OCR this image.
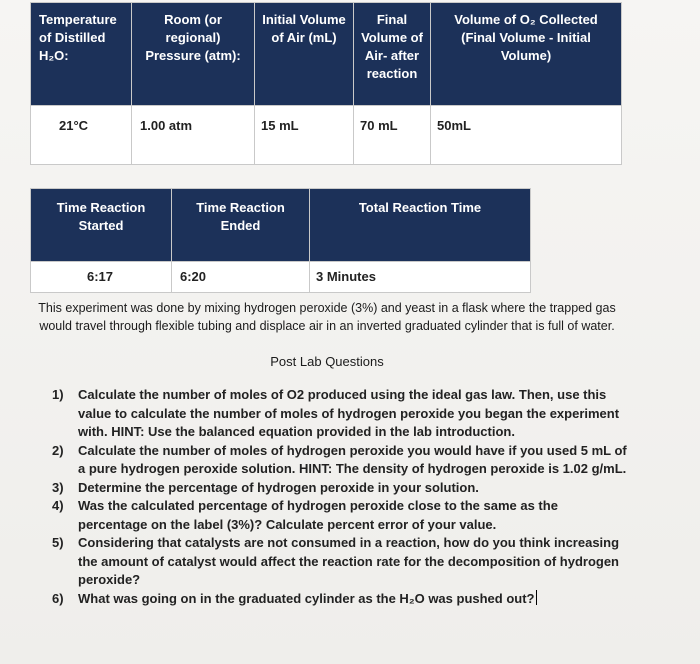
Temperature of Distilled H₂O:	Room (or regional) Pressure (atm):	Initial Volume of Air (mL)	Final Volume of Air- after reaction	Volume of O₂ Collected (Final Volume - Initial Volume)

21°C	1.00 atm	15 mL	70 mL	50mL
Time Reaction Started	Time Reaction Ended	Total Reaction Time

6:17	6:20	3 Minutes

This experiment was done by mixing hydrogen peroxide (3%) and yeast in a flask where the trapped gas would travel through flexible tubing and displace air in an inverted graduated cylinder that is full of water.

Post Lab Questions

1) Calculate the number of moles of O2 produced using the ideal gas law. Then, use this value to calculate the number of moles of hydrogen peroxide you began the experiment with. HINT: Use the balanced equation provided in the lab introduction.
2) Calculate the number of moles of hydrogen peroxide you would have if you used 5 mL of a pure hydrogen peroxide solution. HINT: The density of hydrogen peroxide is 1.02 g/mL.
3) Determine the percentage of hydrogen peroxide in your solution.
4) Was the calculated percentage of hydrogen peroxide close to the same as the percentage on the label (3%)? Calculate percent error of your value.
5) Considering that catalysts are not consumed in a reaction, how do you think increasing the amount of catalyst would affect the reaction rate for the decomposition of hydrogen peroxide?
6) What was going on in the graduated cylinder as the H₂O was pushed out?
